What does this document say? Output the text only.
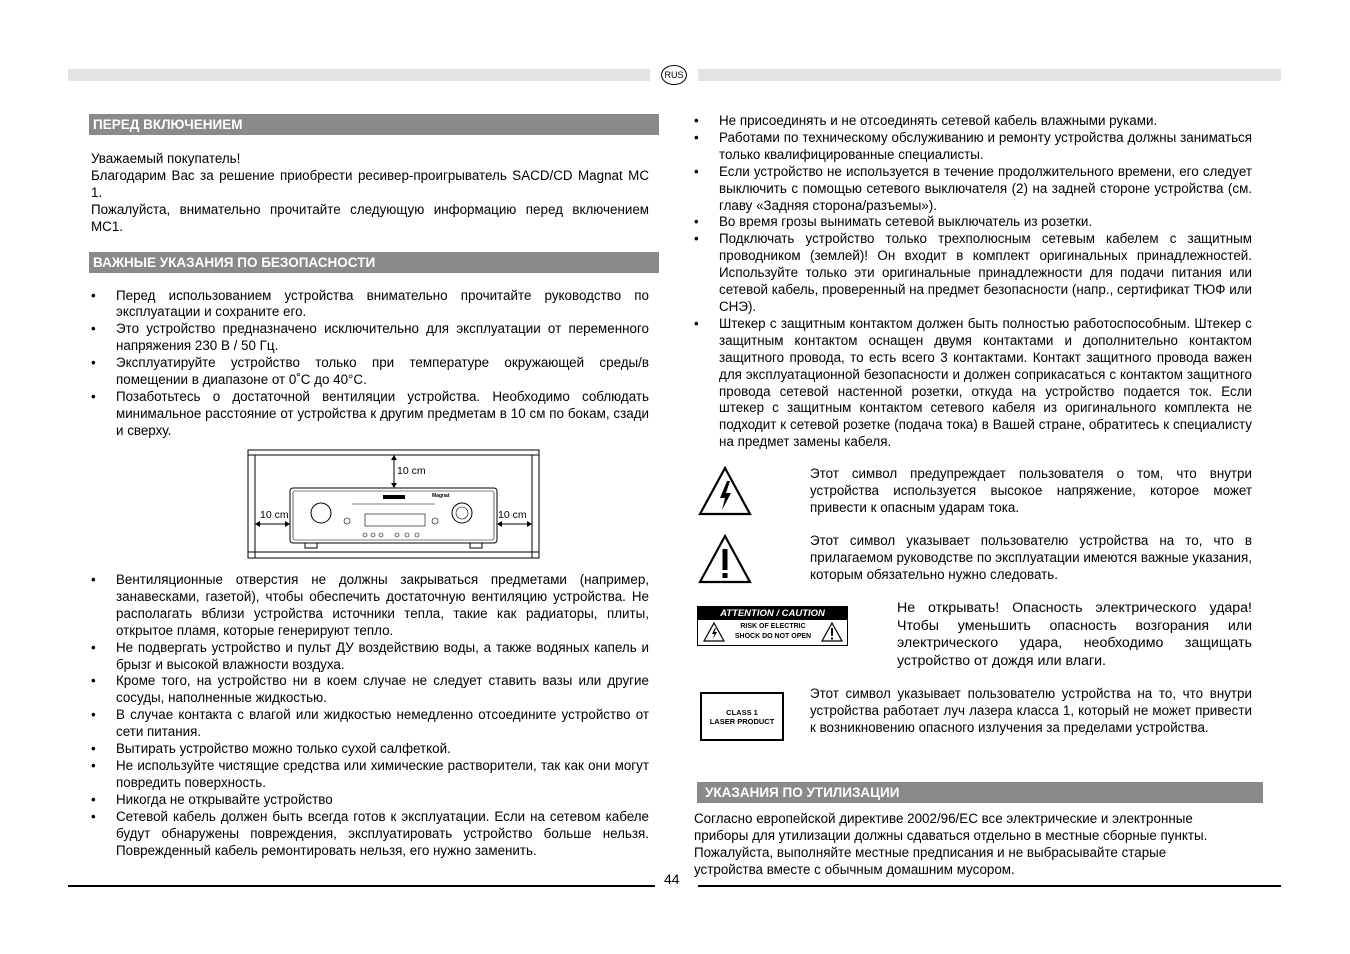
RUS
ПЕРЕД ВКЛЮЧЕНИЕМ

Уважаемый покупатель!

Благодарим Вас за решение приобрести ресивер-проигрыватель SACD/CD Magnat MC 1.

Пожалуйста, внимательно прочитайте следующую информацию перед включением МС1.

ВАЖНЫЕ УКАЗАНИЯ ПО БЕЗОПАСНОСТИ
• Перед использованием устройства внимательно прочитайте руководство по эксплуатации и сохраните его.
• Это устройство предназначено исключительно для эксплуатации от переменного напряжения 230 В / 50 Гц.
• Эксплуатируйте устройство только при температуре окружающей среды/в помещении в диапазоне от 0˚С до 40°С.
• Позаботьтесь о достаточной вентиляции устройства. Необходимо соблюдать минимальное расстояние от устройства к другим предметам в 10 см по бокам, сзади и сверху.
10 cm
10 cm	10 cm
Magnat
• Вентиляционные отверстия не должны закрываться предметами (например, занавесками, газетой), чтобы обеспечить достаточную вентиляцию устройства. Не располагать вблизи устройства источники тепла, такие как радиаторы, плиты, открытое пламя, которые генерируют тепло.
• Не подвергать устройство и пульт ДУ воздействию воды, а также водяных капель и брызг и высокой влажности воздуха.
• Кроме того, на устройство ни в коем случае не следует ставить вазы или другие сосуды, наполненные жидкостью.
• В случае контакта с влагой или жидкостью немедленно отсоедините устройство от сети питания.
• Вытирать устройство можно только сухой салфеткой.
• Не используйте чистящие средства или химические растворители, так как они могут повредить поверхность.
• Никогда не открывайте устройство
• Сетевой кабель должен быть всегда готов к эксплуатации. Если на сетевом кабеле будут обнаружены повреждения, эксплуатировать устройство больше нельзя. Поврежденный кабель ремонтировать нельзя, его нужно заменить.
• Не присоединять и не отсоединять сетевой кабель влажными руками.
• Работами по техническому обслуживанию и ремонту устройства должны заниматься только квалифицированные специалисты.
• Если устройство не используется в течение продолжительного времени, его следует выключить с помощью сетевого выключателя (2) на задней стороне устройства (см. главу «Задняя сторона/разъемы»).
• Во время грозы вынимать сетевой выключатель из розетки.
• Подключать устройство только трехполюсным сетевым кабелем с защитным проводником (землей)! Он входит в комплект оригинальных принадлежностей. Используйте только эти оригинальные принадлежности для подачи питания или сетевой кабель, проверенный на предмет безопасности (напр., сертификат ТЮФ или СНЭ).
• Штекер с защитным контактом должен быть полностью работоспособным. Штекер с защитным контактом оснащен двумя контактами и дополнительно контактом защитного провода, то есть всего 3 контактами. Контакт защитного провода важен для эксплуатационной безопасности и должен соприкасаться с контактом защитного провода сетевой настенной розетки, откуда на устройство подается ток. Если штекер с защитным контактом сетевого кабеля из оригинального комплекта не подходит к сетевой розетке (подача тока) в Вашей стране, обратитесь к специалисту на предмет замены кабеля.
Этот символ предупреждает пользователя о том, что внутри устройства используется высокое напряжение, которое может привести к опасным ударам тока.
Этот символ указывает пользователю устройства на то, что в прилагаемом руководстве по эксплуатации имеются важные указания, которым обязательно нужно следовать.
ATTENTION / CAUTION
RISK OF ELECTRIC
SHOCK DO NOT OPEN
Не открывать! Опасность электрического удара! Чтобы уменьшить опасность возгорания или электрического удара, необходимо защищать устройство от дождя или влаги.
CLASS 1
LASER PRODUCT
Этот символ указывает пользователю устройства на то, что внутри устройства работает луч лазера класса 1, который не может привести к возникновению опасного излучения за пределами устройства.
УКАЗАНИЯ ПО УТИЛИЗАЦИИ
Согласно европейской директиве 2002/96/ЕС все электрические и электронные
приборы для утилизации должны сдаваться отдельно в местные сборные пункты.
Пожалуйста, выполняйте местные предписания и не выбрасывайте старые
устройства вместе с обычным домашним мусором.
44
